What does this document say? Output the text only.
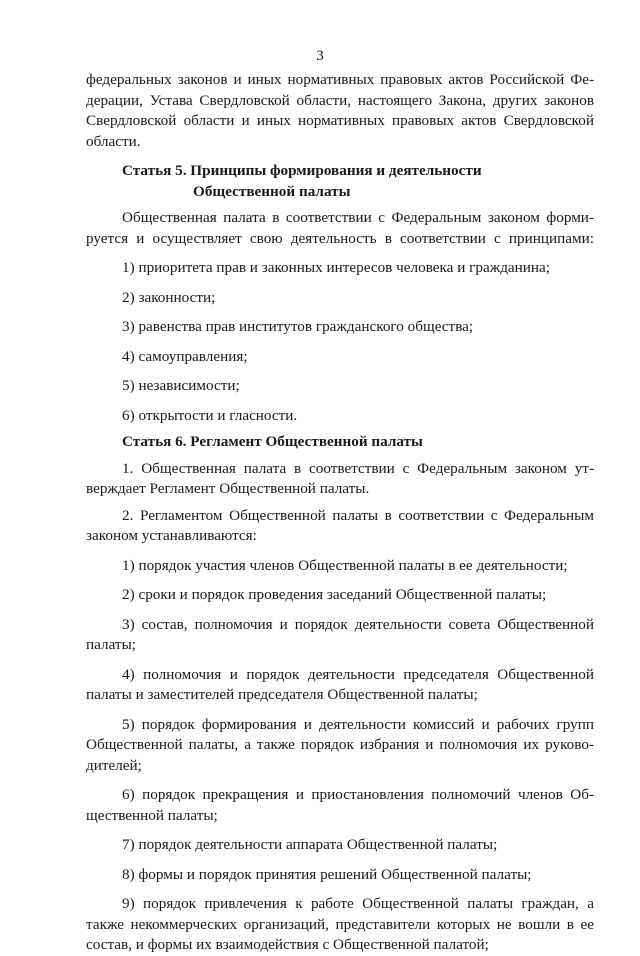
3

федеральных законов и иных нормативных правовых актов Российской Фе-

дерации, Устава Свердловской области, настоящего Закона, других законов

Свердловской области и иных нормативных правовых актов Свердловской

области.

Статья 5. Принципы формирования и деятельности

Общественной палаты

Общественная палата в соответствии с Федеральным законом форми-

руется и осуществляет свою деятельность в соответствии с принципами:

1) приоритета прав и законных интересов человека и гражданина;

2) законности;

3) равенства прав институтов гражданского общества;

4) самоуправления;

5) независимости;

6) открытости и гласности.

Статья 6. Регламент Общественной палаты

1. Общественная палата в соответствии с Федеральным законом ут-

верждает Регламент Общественной палаты.

2. Регламентом Общественной палаты в соответствии с Федеральным

законом устанавливаются:

1) порядок участия членов Общественной палаты в ее деятельности;

2) сроки и порядок проведения заседаний Общественной палаты;

3) состав, полномочия и порядок деятельности совета Общественной

палаты;

4) полномочия и порядок деятельности председателя Общественной

палаты и заместителей председателя Общественной палаты;

5) порядок формирования и деятельности комиссий и рабочих групп

Общественной палаты, а также порядок избрания и полномочия их руково-

дителей;

6) порядок прекращения и приостановления полномочий членов Об-

щественной палаты;

7) порядок деятельности аппарата Общественной палаты;

8) формы и порядок принятия решений Общественной палаты;

9) порядок привлечения к работе Общественной палаты граждан, а

также некоммерческих организаций, представители которых не вошли в ее

состав, и формы их взаимодействия с Общественной палатой;
